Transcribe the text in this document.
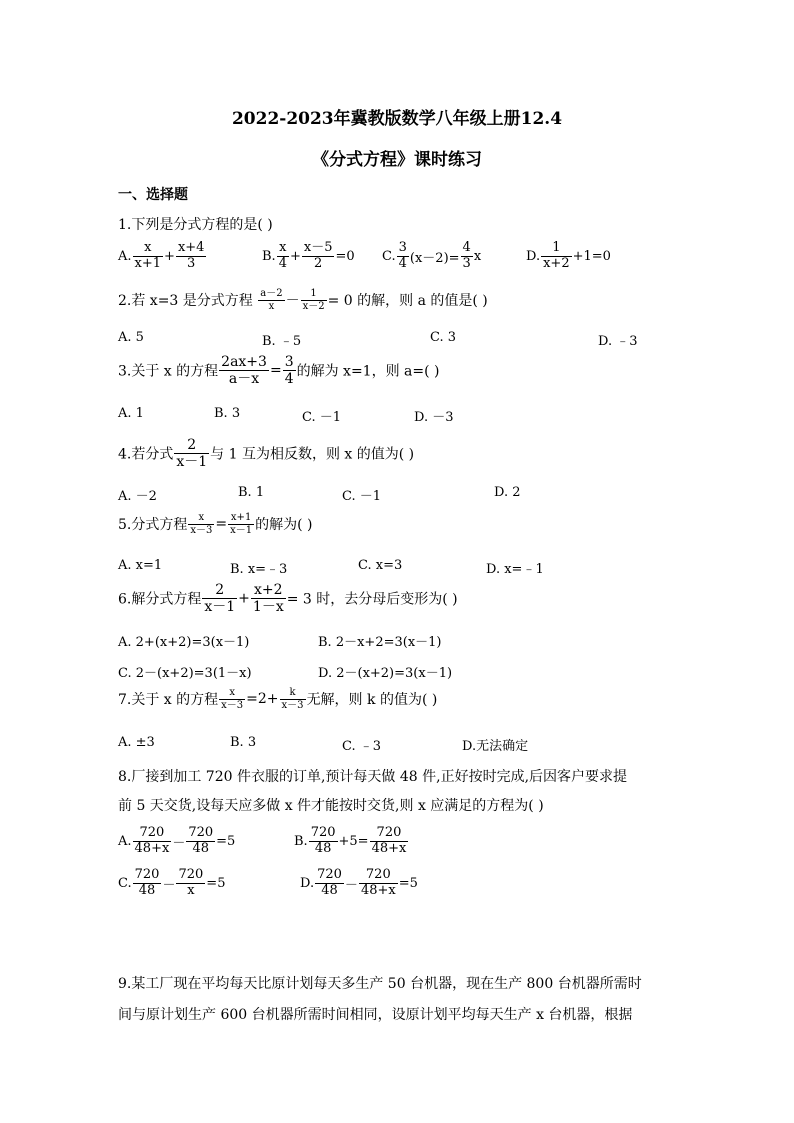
2022-2023年冀教版数学八年级上册12.4
《分式方程》课时练习
一、选择题
1.下列是分式方程的是( )
A. $\frac{x}{x+1} + \frac{x+4}{3}$	B. $\frac{x}{4} + \frac{x-5}{2} =0$ C. $\frac{3}{4} (x-2)= \frac{4}{3}$ x	D. $\frac{1}{x+2} +1=0$
2.若 x=3 是分式方程 $\frac{a-2}{x} - \frac{1}{x-2} = 0$ 的解，则 a 的值是( )
A. 5	B. ﹣5	C. 3	D. ﹣3
3.关于 x 的方程 $\frac{2ax+3}{a-x} = \frac{3}{4}$ 的解为 x=1，则 a=( )
A. 1	B. 3	C. －1	D. －3
4.若分式 $\frac{2}{x-1}$ 与 1 互为相反数，则 x 的值为( )
A. －2	B. 1	C. －1	D. 2
5.分式方程 $\frac{x}{x-3} = \frac{x+1}{x-1}$ 的解为( )
A. x=1	B. x=﹣3	C. x=3	D. x=﹣1
6.解分式方程 $\frac{2}{x-1} + \frac{x+2}{1-x} = 3$ 时，去分母后变形为( )
A. 2+(x+2)=3(x－1)	B. 2－x+2=3(x－1)
C. 2－(x+2)=3(1－x)	D. 2－(x+2)=3(x－1)
7.关于 x 的方程 $\frac{x}{x-3} =2+ \frac{k}{x-3}$ 无解，则 k 的值为( )
A. ±3	B. 3	C. ﹣3	D.无法确定
8.厂接到加工 720 件衣服的订单,预计每天做 48 件,正好按时完成,后因客户要求提
前 5 天交货,设每天应多做 x 件才能按时交货,则 x 应满足的方程为( )
A. $\frac{720}{48+x} - \frac{720}{48} =5$	B. $\frac{720}{48} +5= \frac{720}{48+x}$
C. $\frac{720}{48} - \frac{720}{x} =5$	D. $\frac{720}{48} - \frac{720}{48+x} =5$
9.某工厂现在平均每天比原计划每天多生产 50 台机器，现在生产 800 台机器所需时
间与原计划生产 600 台机器所需时间相同，设原计划平均每天生产 x 台机器，根据
